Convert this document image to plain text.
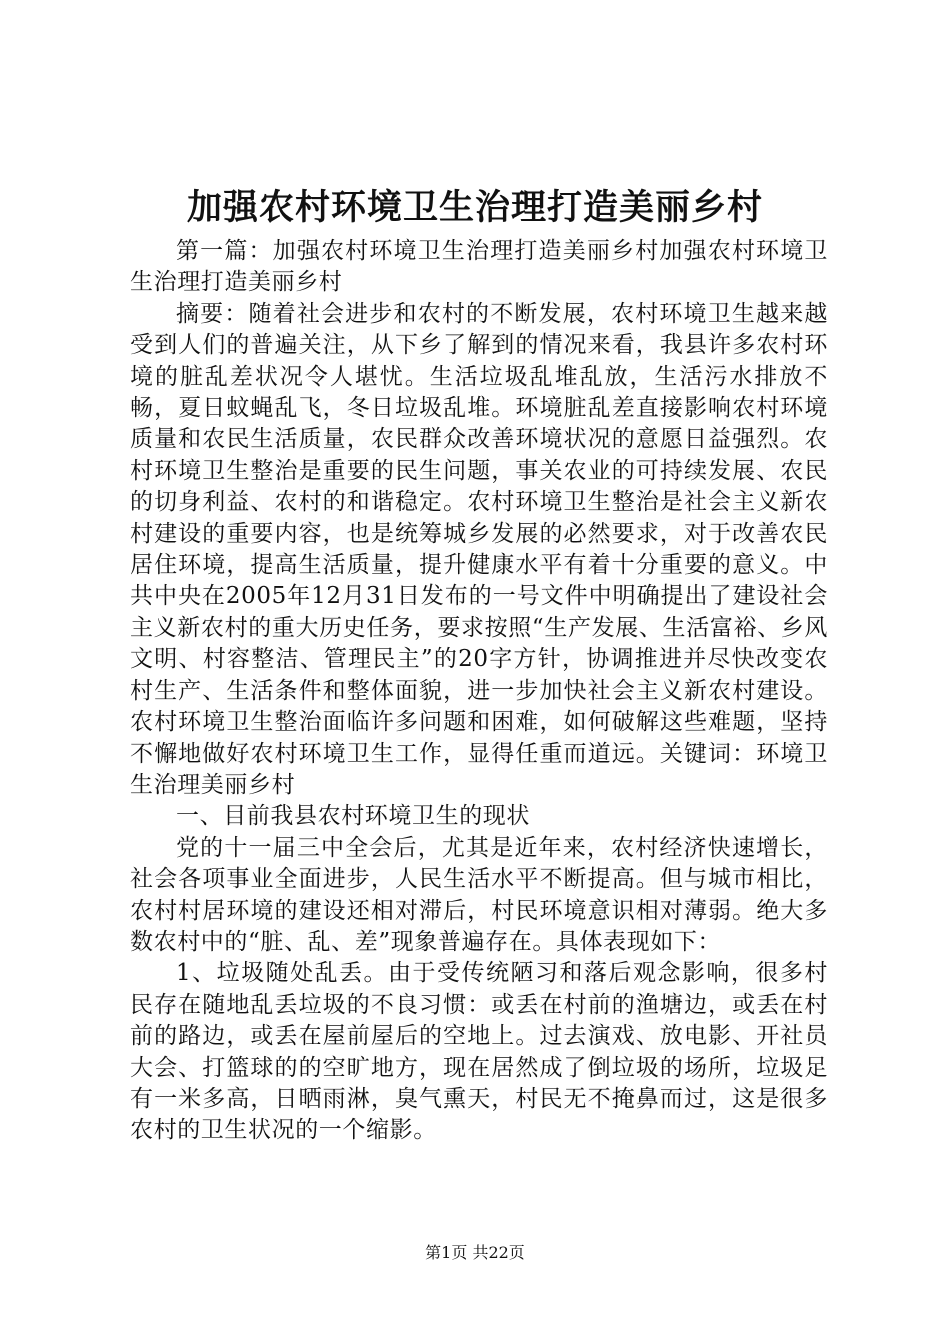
加强农村环境卫生治理打造美丽乡村

第一篇：加强农村环境卫生治理打造美丽乡村加强农村环境卫生治理打造美丽乡村

摘要：随着社会进步和农村的不断发展，农村环境卫生越来越受到人们的普遍关注，从下乡了解到的情况来看，我县许多农村环境的脏乱差状况令人堪忧。生活垃圾乱堆乱放，生活污水排放不畅，夏日蚊蝇乱飞，冬日垃圾乱堆。环境脏乱差直接影响农村环境质量和农民生活质量，农民群众改善环境状况的意愿日益强烈。农村环境卫生整治是重要的民生问题，事关农业的可持续发展、农民的切身利益、农村的和谐稳定。农村环境卫生整治是社会主义新农村建设的重要内容，也是统筹城乡发展的必然要求，对于改善农民居住环境，提高生活质量，提升健康水平有着十分重要的意义。中共中央在2005年12月31日发布的一号文件中明确提出了建设社会主义新农村的重大历史任务，要求按照“生产发展、生活富裕、乡风文明、村容整洁、管理民主”的20字方针，协调推进并尽快改变农村生产、生活条件和整体面貌，进一步加快社会主义新农村建设。农村环境卫生整治面临许多问题和困难，如何破解这些难题，坚持不懈地做好农村环境卫生工作，显得任重而道远。关键词：环境卫生治理美丽乡村

一、目前我县农村环境卫生的现状

党的十一届三中全会后，尤其是近年来，农村经济快速增长，社会各项事业全面进步，人民生活水平不断提高。但与城市相比，农村村居环境的建设还相对滞后，村民环境意识相对薄弱。绝大多数农村中的“脏、乱、差”现象普遍存在。具体表现如下：

1、垃圾随处乱丢。由于受传统陋习和落后观念影响，很多村民存在随地乱丢垃圾的不良习惯：或丢在村前的渔塘边，或丢在村前的路边，或丢在屋前屋后的空地上。过去演戏、放电影、开社员大会、打篮球的的空旷地方，现在居然成了倒垃圾的场所，垃圾足有一米多高，日晒雨淋，臭气熏天，村民无不掩鼻而过，这是很多农村的卫生状况的一个缩影。

第1页 共22页
